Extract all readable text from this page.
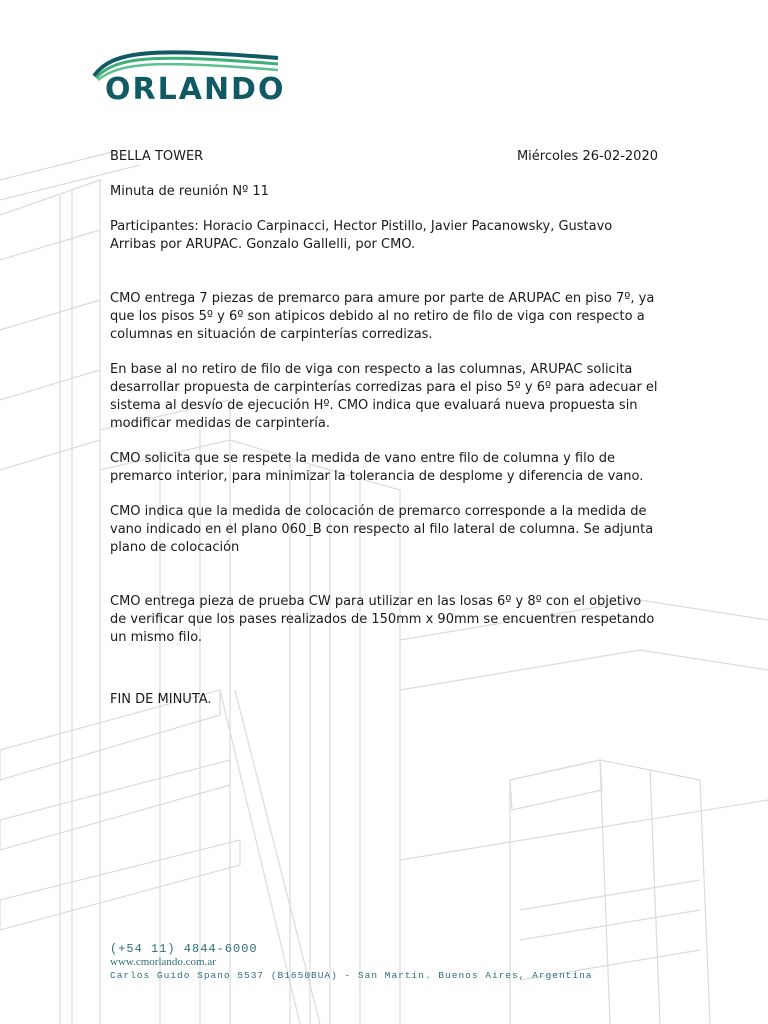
ORLANDO

BELLA TOWER	Miércoles 26-02-2020

Minuta de reunión Nº 11

Participantes: Horacio Carpinacci, Hector Pistillo, Javier Pacanowsky, Gustavo Arribas por ARUPAC. Gonzalo Gallelli, por CMO.

CMO entrega 7 piezas de premarco para amure por parte de ARUPAC en piso 7º, ya que los pisos 5º y 6º son atipicos debido al no retiro de filo de viga con respecto a columnas en situación de carpinterías corredizas.

En base al no retiro de filo de viga con respecto a las columnas, ARUPAC solicita desarrollar propuesta de carpinterías corredizas para el piso 5º y 6º para adecuar el sistema al desvío de ejecución Hº. CMO indica que evaluará nueva propuesta sin modificar medidas de carpintería.

CMO solicita que se respete la medida de vano entre filo de columna y filo de premarco interior, para minimizar la tolerancia de desplome y diferencia de vano.

CMO indica que la medida de colocación de premarco corresponde a la medida de vano indicado en el plano 060_B con respecto al filo lateral de columna. Se adjunta plano de colocación

CMO entrega pieza de prueba CW para utilizar en las losas 6º y 8º con el objetivo de verificar que los pases realizados de 150mm x 90mm se encuentren respetando un mismo filo.

FIN DE MINUTA.

(+54 11) 4844-6000
www.cmorlando.com.ar
Carlos Guido Spano 5537 (B1650BUA) - San Martín. Buenos Aires, Argentina
